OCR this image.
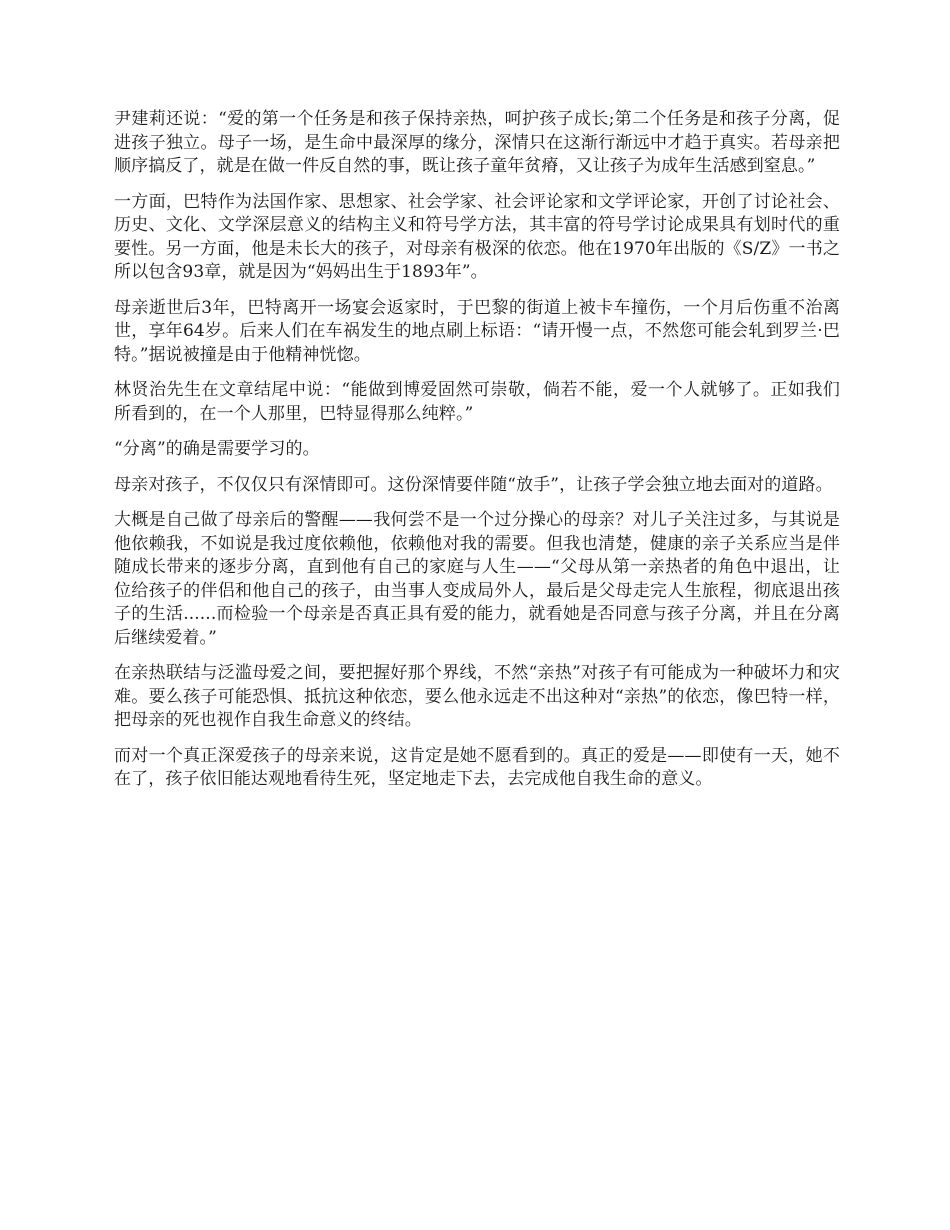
尹建莉还说：“爱的第一个任务是和孩子保持亲热，呵护孩子成长;第二个任务是和孩子分离，促进孩子独立。母子一场，是生命中最深厚的缘分，深情只在这渐行渐远中才趋于真实。若母亲把顺序搞反了，就是在做一件反自然的事，既让孩子童年贫瘠，又让孩子为成年生活感到窒息。”

一方面，巴特作为法国作家、思想家、社会学家、社会评论家和文学评论家，开创了讨论社会、历史、文化、文学深层意义的结构主义和符号学方法，其丰富的符号学讨论成果具有划时代的重要性。另一方面，他是未长大的孩子，对母亲有极深的依恋。他在1970年出版的《S/Z》一书之所以包含93章，就是因为“妈妈出生于1893年”。

母亲逝世后3年，巴特离开一场宴会返家时，于巴黎的街道上被卡车撞伤，一个月后伤重不治离世，享年64岁。后来人们在车祸发生的地点刷上标语：“请开慢一点，不然您可能会轧到罗兰·巴特。”据说被撞是由于他精神恍惚。

林贤治先生在文章结尾中说：“能做到博爱固然可崇敬，倘若不能，爱一个人就够了。正如我们所看到的，在一个人那里，巴特显得那么纯粹。”

“分离”的确是需要学习的。

母亲对孩子，不仅仅只有深情即可。这份深情要伴随“放手”，让孩子学会独立地去面对的道路。

大概是自己做了母亲后的警醒——我何尝不是一个过分操心的母亲？对儿子关注过多，与其说是他依赖我，不如说是我过度依赖他，依赖他对我的需要。但我也清楚，健康的亲子关系应当是伴随成长带来的逐步分离，直到他有自己的家庭与人生——“父母从第一亲热者的角色中退出，让位给孩子的伴侣和他自己的孩子，由当事人变成局外人，最后是父母走完人生旅程，彻底退出孩子的生活......而检验一个母亲是否真正具有爱的能力，就看她是否同意与孩子分离，并且在分离后继续爱着。”

在亲热联结与泛滥母爱之间，要把握好那个界线，不然“亲热”对孩子有可能成为一种破坏力和灾难。要么孩子可能恐惧、抵抗这种依恋，要么他永远走不出这种对“亲热”的依恋，像巴特一样，把母亲的死也视作自我生命意义的终结。

而对一个真正深爱孩子的母亲来说，这肯定是她不愿看到的。真正的爱是——即使有一天，她不在了，孩子依旧能达观地看待生死，坚定地走下去，去完成他自我生命的意义。
